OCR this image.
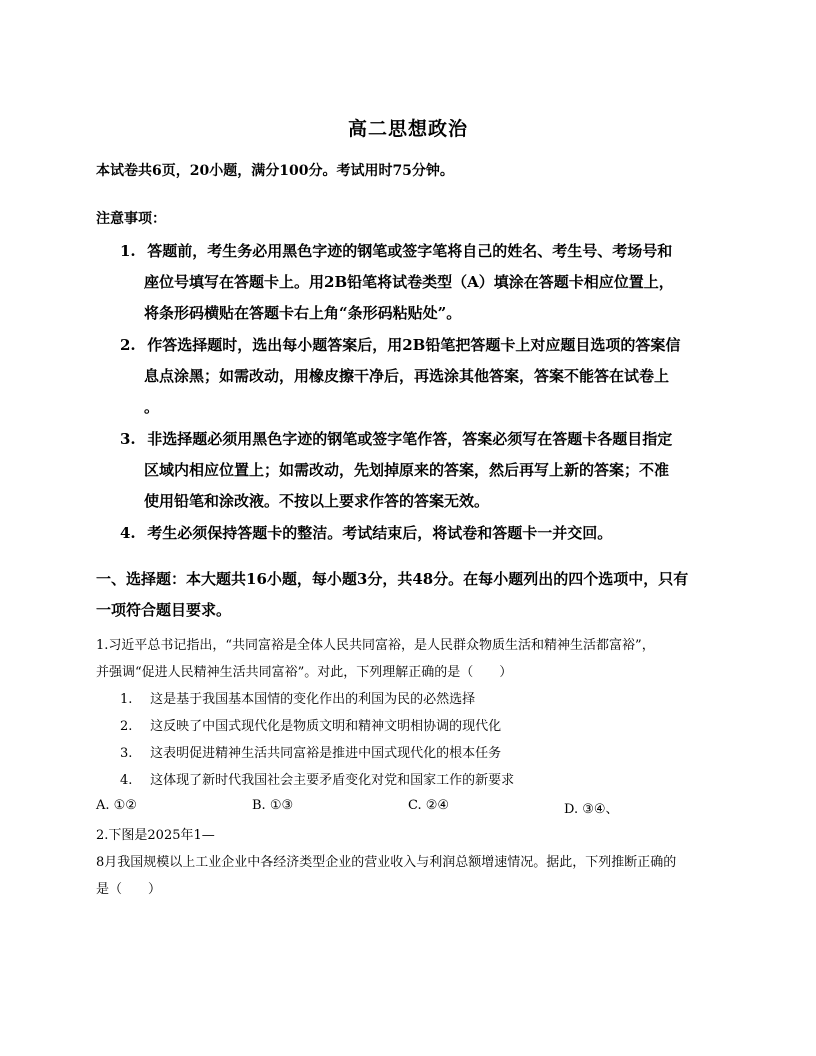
高二思想政治
本试卷共6页，20小题，满分100分。考试用时75分钟。
注意事项：
1. 答题前，考生务必用黑色字迹的钢笔或签字笔将自己的姓名、考生号、考场号和
座位号填写在答题卡上。用2B铅笔将试卷类型（A）填涂在答题卡相应位置上，
将条形码横贴在答题卡右上角“条形码粘贴处”。
2. 作答选择题时，选出每小题答案后，用2B铅笔把答题卡上对应题目选项的答案信
息点涂黑；如需改动，用橡皮擦干净后，再选涂其他答案，答案不能答在试卷上
。
3. 非选择题必须用黑色字迹的钢笔或签字笔作答，答案必须写在答题卡各题目指定
区域内相应位置上；如需改动，先划掉原来的答案，然后再写上新的答案；不准
使用铅笔和涂改液。不按以上要求作答的答案无效。
4. 考生必须保持答题卡的整洁。考试结束后，将试卷和答题卡一并交回。
一、选择题：本大题共16小题，每小题3分，共48分。在每小题列出的四个选项中，只有
一项符合题目要求。
1.习近平总书记指出，“共同富裕是全体人民共同富裕，是人民群众物质生活和精神生活都富裕”，
并强调“促进人民精神生活共同富裕”。对此，下列理解正确的是（　　）
1. 这是基于我国基本国情的变化作出的利国为民的必然选择
2. 这反映了中国式现代化是物质文明和精神文明相协调的现代化
3. 这表明促进精神生活共同富裕是推进中国式现代化的根本任务
4. 这体现了新时代我国社会主要矛盾变化对党和国家工作的新要求
A. ①②	B. ①③	C. ②④	D. ③④、
2.下图是2025年1—
8月我国规模以上工业企业中各经济类型企业的营业收入与利润总额增速情况。据此，下列推断正确的
是（　　）
